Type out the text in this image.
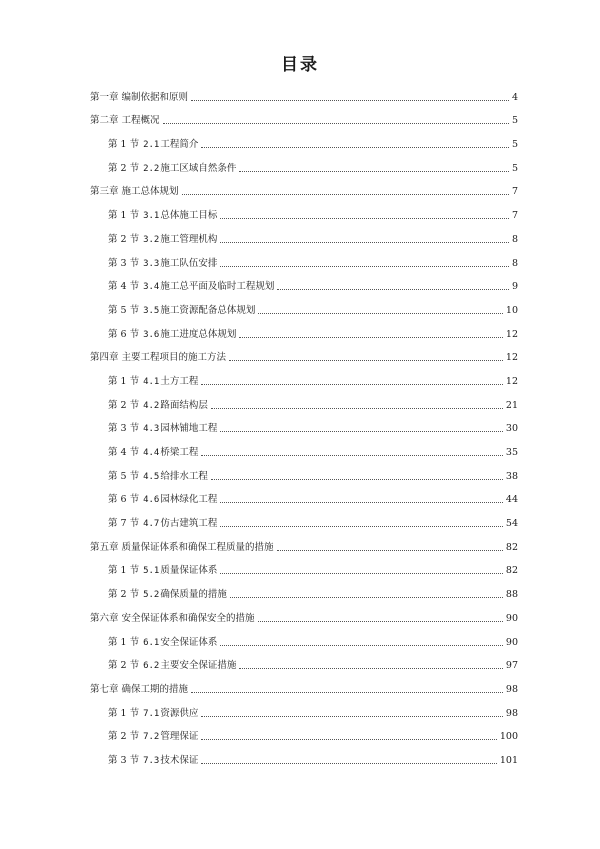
目录
第一章 编制依据和原则	4
第二章 工程概况	5
第 1 节 2.1工程简介	5
第 2 节 2.2施工区域自然条件	5
第三章 施工总体规划	7
第 1 节 3.1总体施工目标	7
第 2 节 3.2施工管理机构	8
第 3 节 3.3施工队伍安排	8
第 4 节 3.4施工总平面及临时工程规划	9
第 5 节 3.5施工资源配备总体规划	10
第 6 节 3.6施工进度总体规划	12
第四章 主要工程项目的施工方法	12
第 1 节 4.1土方工程	12
第 2 节 4.2路面结构层	21
第 3 节 4.3园林铺地工程	30
第 4 节 4.4桥梁工程	35
第 5 节 4.5给排水工程	38
第 6 节 4.6园林绿化工程	44
第 7 节 4.7仿古建筑工程	54
第五章 质量保证体系和确保工程质量的措施	82
第 1 节 5.1质量保证体系	82
第 2 节 5.2确保质量的措施	88
第六章 安全保证体系和确保安全的措施	90
第 1 节 6.1安全保证体系	90
第 2 节 6.2主要安全保证措施	97
第七章 确保工期的措施	98
第 1 节 7.1资源供应	98
第 2 节 7.2管理保证	100
第 3 节 7.3技术保证	101
